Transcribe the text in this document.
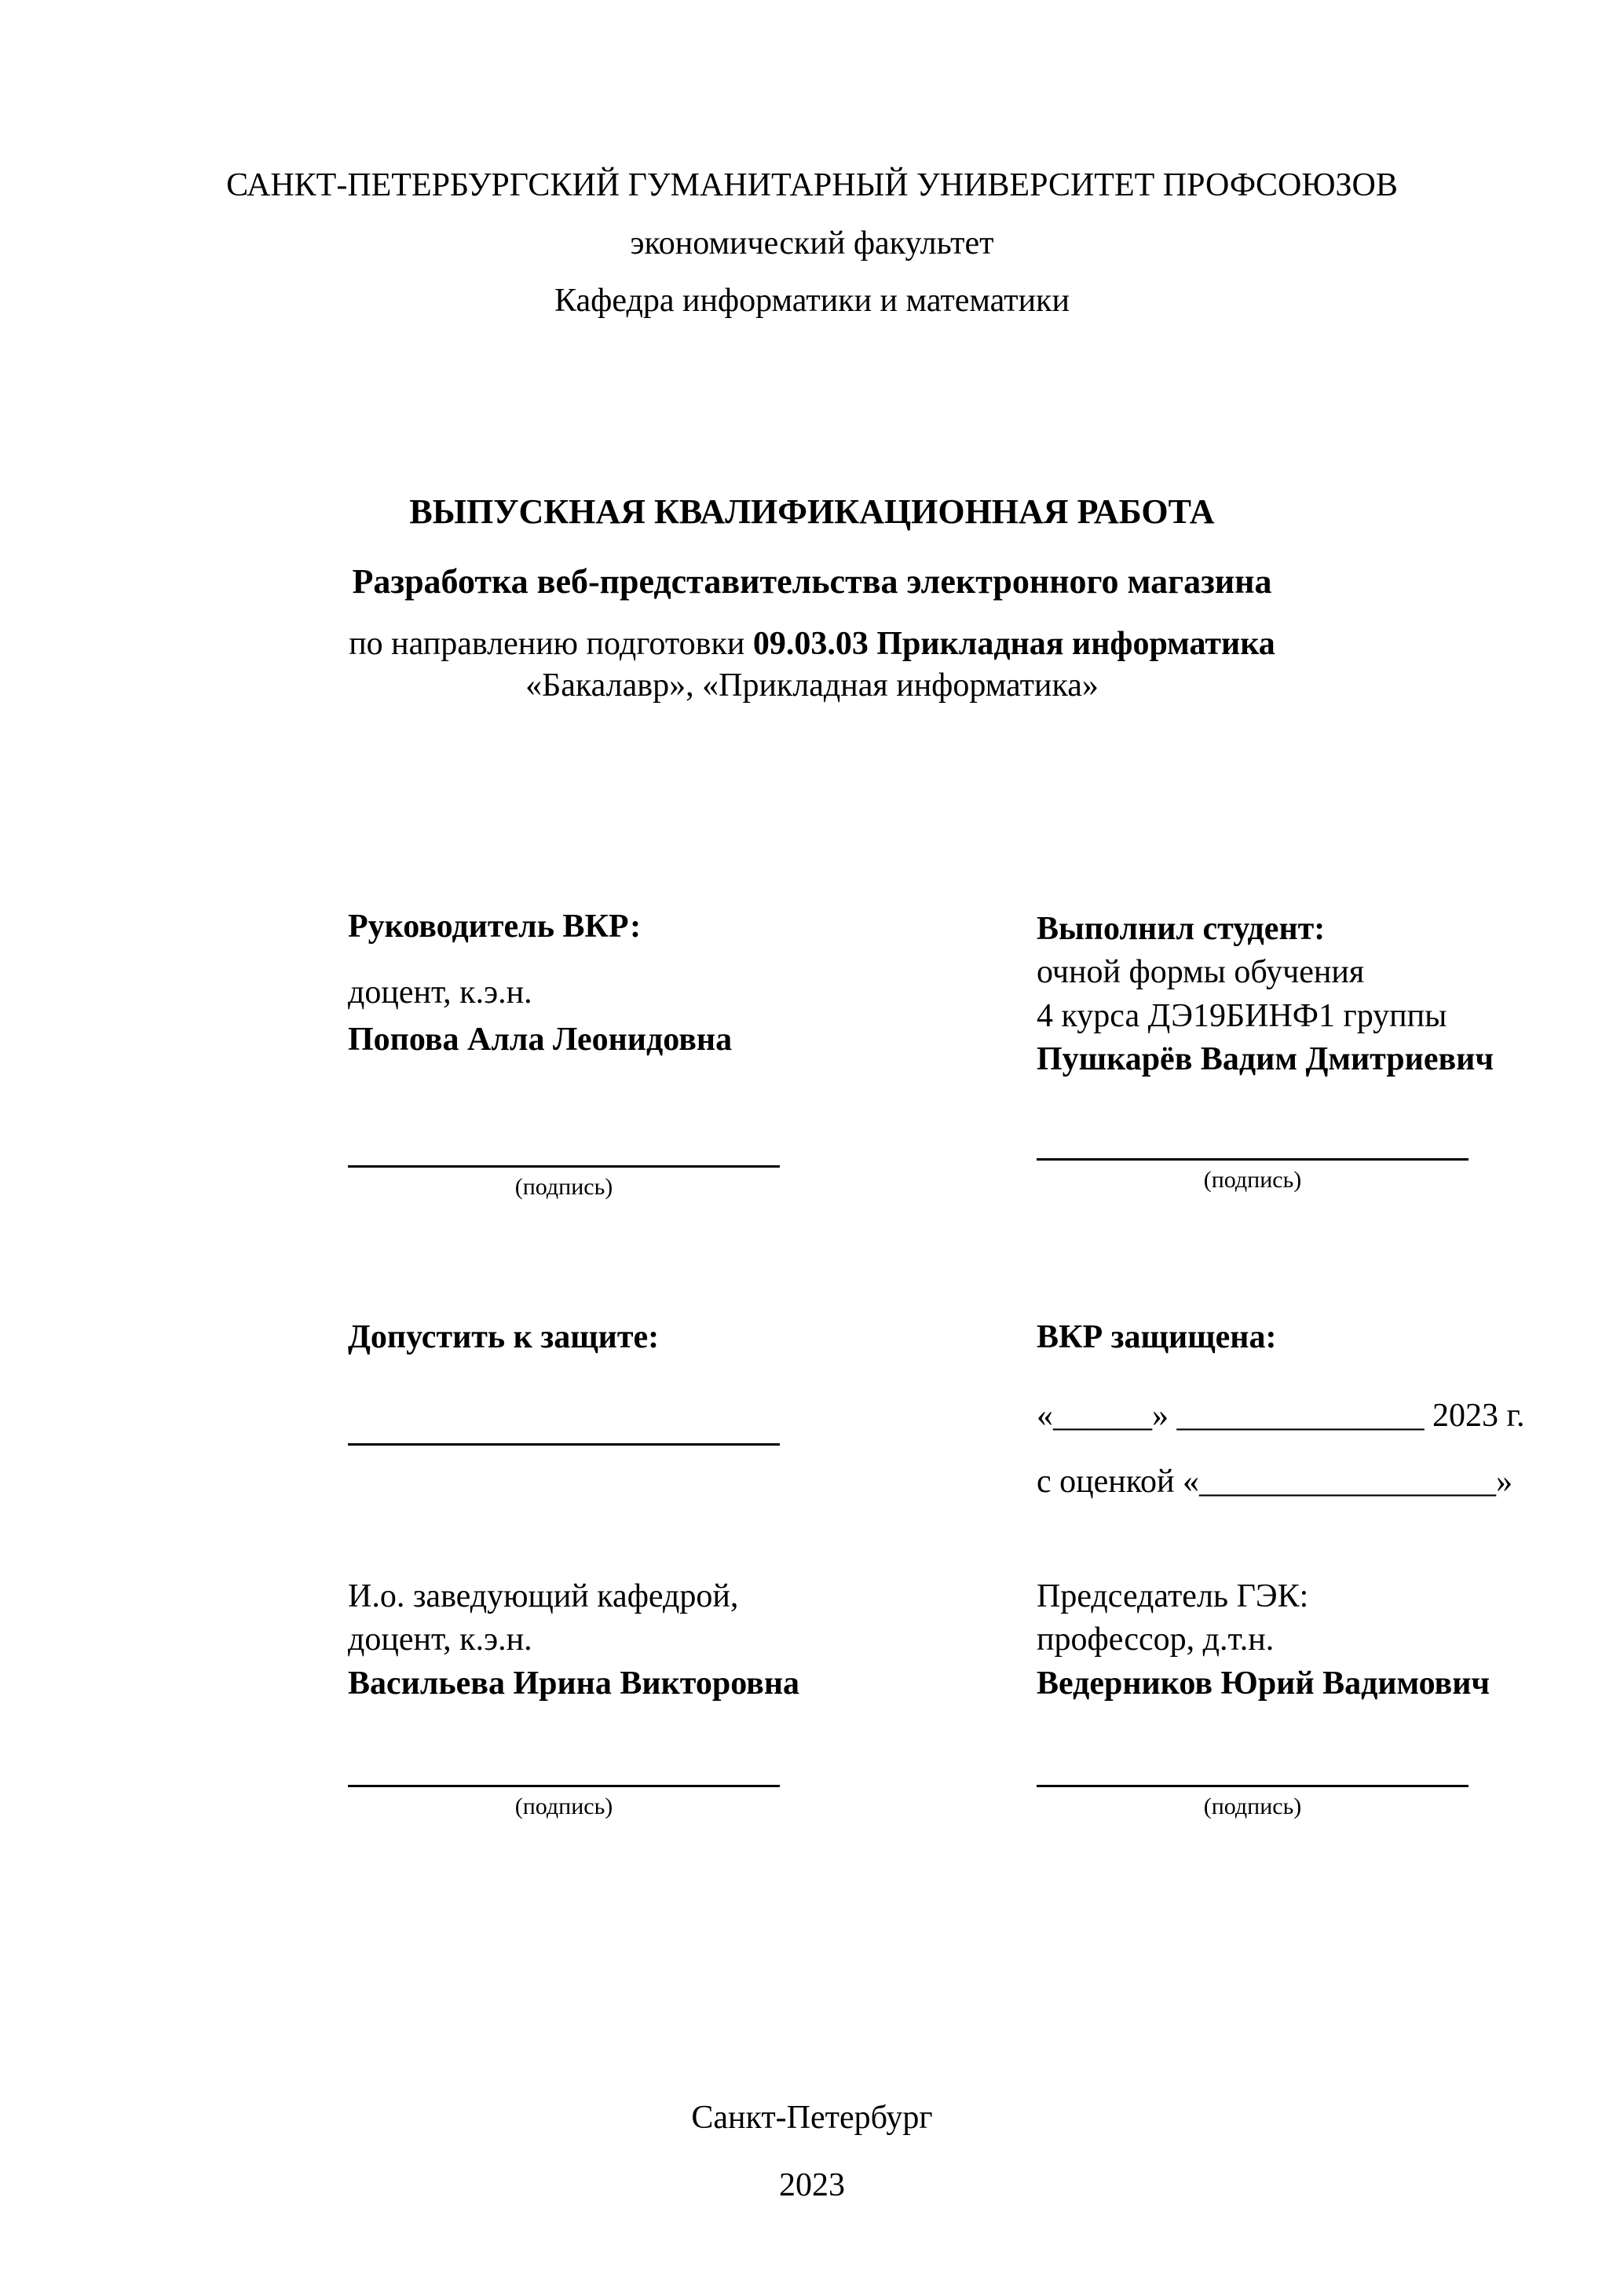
САНКТ-ПЕТЕРБУРГСКИЙ ГУМАНИТАРНЫЙ УНИВЕРСИТЕТ ПРОФСОЮЗОВ
экономический факультет
Кафедра информатики и математики
ВЫПУСКНАЯ КВАЛИФИКАЦИОННАЯ РАБОТА
Разработка веб-представительства электронного магазина
по направлению подготовки 09.03.03 Прикладная информатика
«Бакалавр», «Прикладная информатика»
Руководитель ВКР:
доцент, к.э.н.
Попова Алла Леонидовна
(подпись)
Выполнил студент:
очной формы обучения
4 курса ДЭ19БИНФ1 группы
Пушкарёв Вадим Дмитриевич
(подпись)
Допустить к защите:	ВКР защищена:
«______» _______________ 2023 г.
с оценкой «__________________»
И.о. заведующий кафедрой,
доцент, к.э.н.
Васильева Ирина Викторовна
(подпись)
Председатель ГЭК:
профессор, д.т.н.
Ведерников Юрий Вадимович
(подпись)
Санкт-Петербург
2023
